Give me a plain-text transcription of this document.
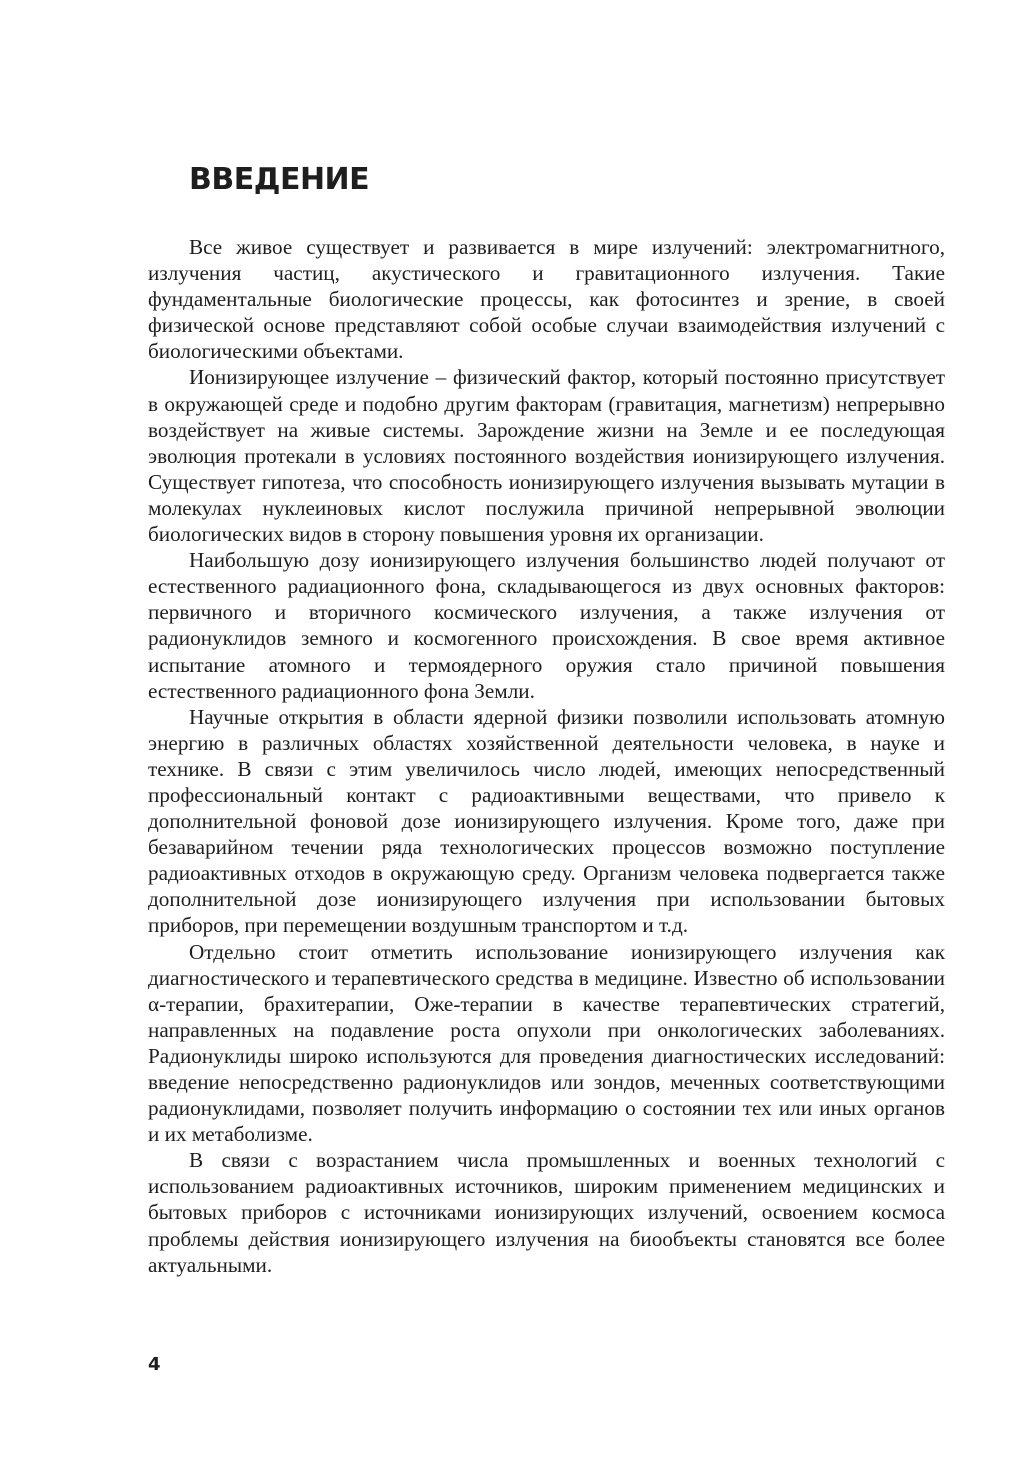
ВВЕДЕНИЕ

Все живое существует и развивается в мире излучений: электромагнитного, излучения частиц, акустического и гравитационного излучения. Такие фундаментальные биологические процессы, как фотосинтез и зрение, в своей физической основе представляют собой особые случаи взаимодействия излучений с биологическими объектами.

Ионизирующее излучение – физический фактор, который постоянно присутствует в окружающей среде и подобно другим факторам (гравитация, магнетизм) непрерывно воздействует на живые системы. Зарождение жизни на Земле и ее последующая эволюция протекали в условиях постоянного воздействия ионизирующего излучения. Существует гипотеза, что способность ионизирующего излучения вызывать мутации в молекулах нуклеиновых кислот послужила причиной непрерывной эволюции биологических видов в сторону повышения уровня их организации.

Наибольшую дозу ионизирующего излучения большинство людей получают от естественного радиационного фона, складывающегося из двух основных факторов: первичного и вторичного космического излучения, а также излучения от радионуклидов земного и космогенного происхождения. В свое время активное испытание атомного и термоядерного оружия стало причиной повышения естественного радиационного фона Земли.

Научные открытия в области ядерной физики позволили использовать атомную энергию в различных областях хозяйственной деятельности человека, в науке и технике. В связи с этим увеличилось число людей, имеющих непосредственный профессиональный контакт с радиоактивными веществами, что привело к дополнительной фоновой дозе ионизирующего излучения. Кроме того, даже при безаварийном течении ряда технологических процессов возможно поступление радиоактивных отходов в окружающую среду. Организм человека подвергается также дополнительной дозе ионизирующего излучения при использовании бытовых приборов, при перемещении воздушным транспортом и т.д.

Отдельно стоит отметить использование ионизирующего излучения как диагностического и терапевтического средства в медицине. Известно об использовании α-терапии, брахитерапии, Оже-терапии в качестве терапевтических стратегий, направленных на подавление роста опухоли при онкологических заболеваниях. Радионуклиды широко используются для проведения диагностических исследований: введение непосредственно радионуклидов или зондов, меченных соответствующими радионуклидами, позволяет получить информацию о состоянии тех или иных органов и их метаболизме.

В связи с возрастанием числа промышленных и военных технологий с использованием радиоактивных источников, широким применением медицинских и бытовых приборов с источниками ионизирующих излучений, освоением космоса проблемы действия ионизирующего излучения на биообъекты становятся все более актуальными.

4
